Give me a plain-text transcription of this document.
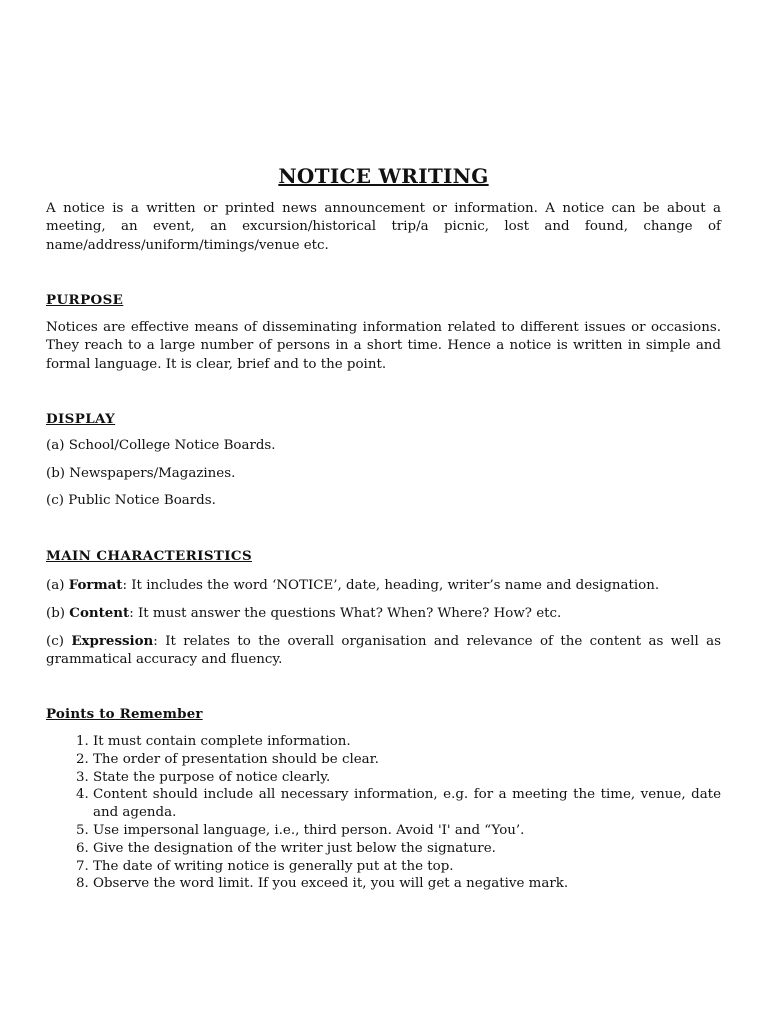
NOTICE WRITING
A notice is a written or printed news announcement or information. A notice can be about a meeting, an event, an excursion/historical trip/a picnic, lost and found, change of name/address/uniform/timings/venue etc.
PURPOSE
Notices are effective means of disseminating information related to different issues or occasions. They reach to a large number of persons in a short time. Hence a notice is written in simple and formal language. It is clear, brief and to the point.
DISPLAY
(a) School/College Notice Boards.
(b) Newspapers/Magazines.
(c) Public Notice Boards.
MAIN CHARACTERISTICS
(a) Format: It includes the word ‘NOTICE’, date, heading, writer’s name and designation.
(b) Content: It must answer the questions What? When? Where? How? etc.
(c) Expression: It relates to the overall organisation and relevance of the content as well as grammatical accuracy and fluency.
Points to Remember
1. It must contain complete information.
2. The order of presentation should be clear.
3. State the purpose of notice clearly.
4. Content should include all necessary information, e.g. for a meeting the time, venue, date and agenda.
5. Use impersonal language, i.e., third person. Avoid 'I' and “You’.
6. Give the designation of the writer just below the signature.
7. The date of writing notice is generally put at the top.
8. Observe the word limit. If you exceed it, you will get a negative mark.
